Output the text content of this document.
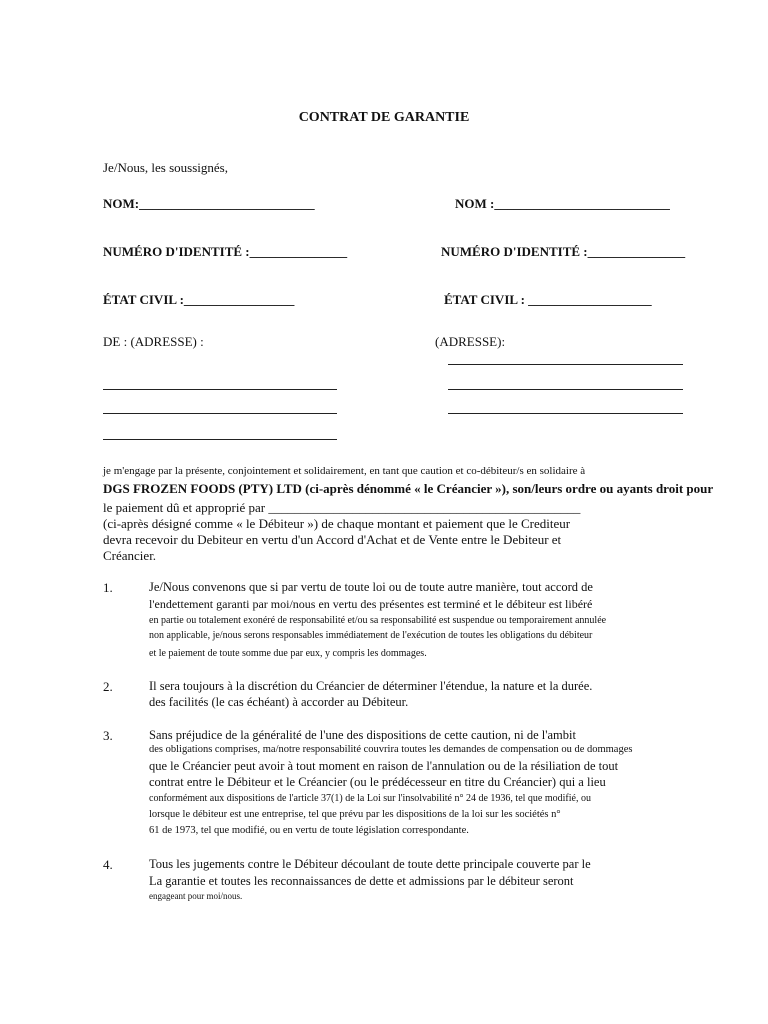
CONTRAT DE GARANTIE
Je/Nous, les soussignés,
NOM:___________________________	NOM :___________________________
NUMÉRO D'IDENTITÉ :_______________	NUMÉRO D'IDENTITÉ :_______________
ÉTAT CIVIL :_________________	ÉTAT CIVIL : ___________________
DE : (ADRESSE) :	(ADRESSE):
je m'engage par la présente, conjointement et solidairement, en tant que caution et co-débiteur/s en solidaire à
DGS FROZEN FOODS (PTY) LTD (ci-après dénommé « le Créancier »), son/leurs ordre ou ayants droit pour
le paiement dû et approprié par ________________________________________________
(ci-après désigné comme « le Débiteur ») de chaque montant et paiement que le Crediteur
devra recevoir du Debiteur en vertu d'un Accord d'Achat et de Vente entre le Debiteur et
Créancier.
1.	Je/Nous convenons que si par vertu de toute loi ou de toute autre manière, tout accord de
l'endettement garanti par moi/nous en vertu des présentes est terminé et le débiteur est libéré
en partie ou totalement exonéré de responsabilité et/ou sa responsabilité est suspendue ou temporairement annulée
non applicable, je/nous serons responsables immédiatement de l'exécution de toutes les obligations du débiteur
et le paiement de toute somme due par eux, y compris les dommages.
2.	Il sera toujours à la discrétion du Créancier de déterminer l'étendue, la nature et la durée.
des facilités (le cas échéant) à accorder au Débiteur.
3.	Sans préjudice de la généralité de l'une des dispositions de cette caution, ni de l'ambit
des obligations comprises, ma/notre responsabilité couvrira toutes les demandes de compensation ou de dommages
que le Créancier peut avoir à tout moment en raison de l'annulation ou de la résiliation de tout
contrat entre le Débiteur et le Créancier (ou le prédécesseur en titre du Créancier) qui a lieu
conformément aux dispositions de l'article 37(1) de la Loi sur l'insolvabilité n° 24 de 1936, tel que modifié, ou
lorsque le débiteur est une entreprise, tel que prévu par les dispositions de la loi sur les sociétés n°
61 de 1973, tel que modifié, ou en vertu de toute législation correspondante.
4.	Tous les jugements contre le Débiteur découlant de toute dette principale couverte par le
La garantie et toutes les reconnaissances de dette et admissions par le débiteur seront
engageant pour moi/nous.
